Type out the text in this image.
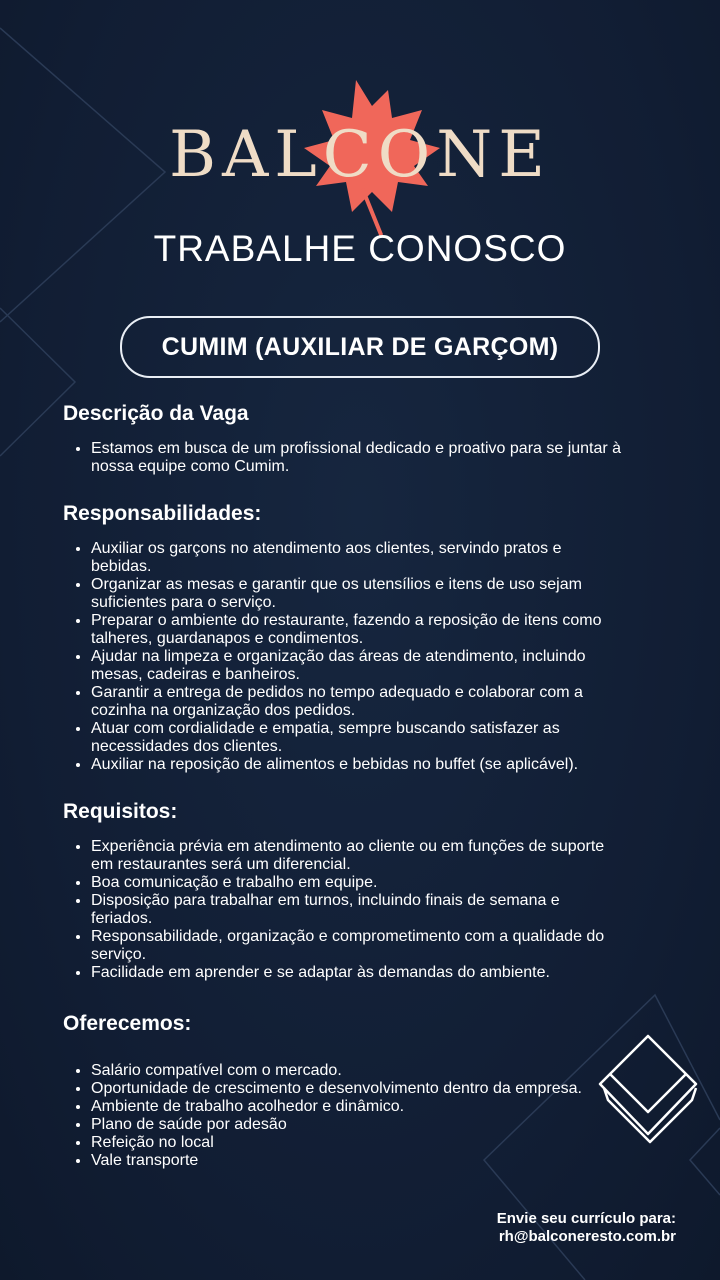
BALCONE
TRABALHE CONOSCO
CUMIM (AUXILIAR DE GARÇOM)
Descrição da Vaga
• Estamos em busca de um profissional dedicado e proativo para se juntar à nossa equipe como Cumim.
Responsabilidades:
• Auxiliar os garçons no atendimento aos clientes, servindo pratos e bebidas.
• Organizar as mesas e garantir que os utensílios e itens de uso sejam suficientes para o serviço.
• Preparar o ambiente do restaurante, fazendo a reposição de itens como talheres, guardanapos e condimentos.
• Ajudar na limpeza e organização das áreas de atendimento, incluindo mesas, cadeiras e banheiros.
• Garantir a entrega de pedidos no tempo adequado e colaborar com a cozinha na organização dos pedidos.
• Atuar com cordialidade e empatia, sempre buscando satisfazer as necessidades dos clientes.
• Auxiliar na reposição de alimentos e bebidas no buffet (se aplicável).
Requisitos:
• Experiência prévia em atendimento ao cliente ou em funções de suporte em restaurantes será um diferencial.
• Boa comunicação e trabalho em equipe.
• Disposição para trabalhar em turnos, incluindo finais de semana e feriados.
• Responsabilidade, organização e comprometimento com a qualidade do serviço.
• Facilidade em aprender e se adaptar às demandas do ambiente.
Oferecemos:
• Salário compatível com o mercado.
• Oportunidade de crescimento e desenvolvimento dentro da empresa.
• Ambiente de trabalho acolhedor e dinâmico.
• Plano de saúde por adesão
• Refeição no local
• Vale transporte
Envie seu currículo para:
rh@balconeresto.com.br
